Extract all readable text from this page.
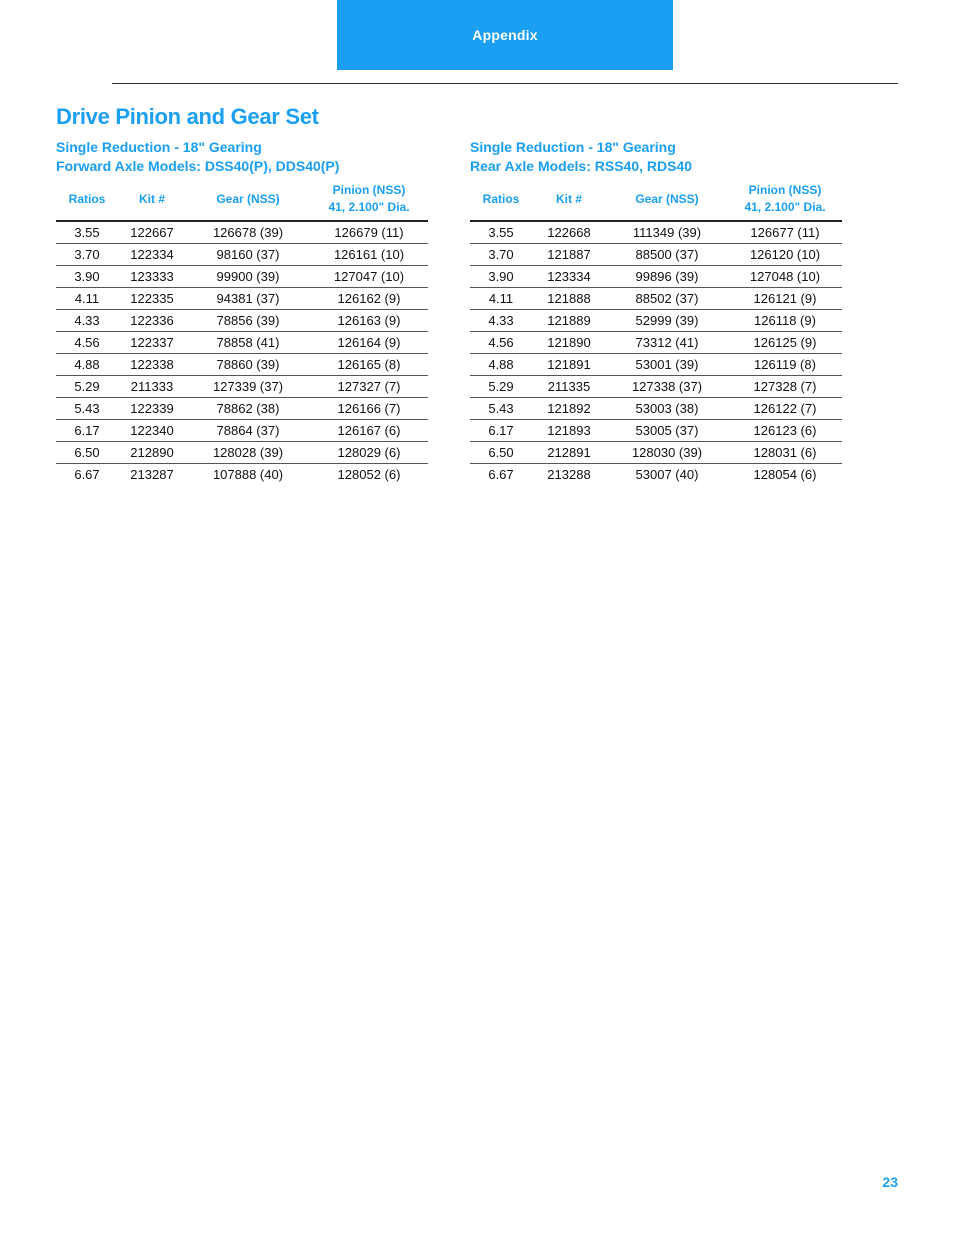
Appendix
Drive Pinion and Gear Set

Single Reduction - 18" Gearing

Forward Axle Models: DSS40(P), DDS40(P)

Ratios	Kit #	Gear (NSS)	Pinion (NSS)
41, 2.100" Dia.
3.55	122667	126678 (39)	126679 (11)
3.70	122334	98160 (37)	126161 (10)
3.90	123333	99900 (39)	127047 (10)
4.11	122335	94381 (37)	126162 (9)
4.33	122336	78856 (39)	126163 (9)
4.56	122337	78858 (41)	126164 (9)
4.88	122338	78860 (39)	126165 (8)
5.29	211333	127339 (37)	127327 (7)
5.43	122339	78862 (38)	126166 (7)
6.17	122340	78864 (37)	126167 (6)
6.50	212890	128028 (39)	128029 (6)
6.67	213287	107888 (40)	128052 (6)

Single Reduction - 18" Gearing

Rear Axle Models: RSS40, RDS40

Ratios	Kit #	Gear (NSS)	Pinion (NSS)
41, 2.100" Dia.
3.55	122668	111349 (39)	126677 (11)
3.70	121887	88500 (37)	126120 (10)
3.90	123334	99896 (39)	127048 (10)
4.11	121888	88502 (37)	126121 (9)
4.33	121889	52999 (39)	126118 (9)
4.56	121890	73312 (41)	126125 (9)
4.88	121891	53001 (39)	126119 (8)
5.29	211335	127338 (37)	127328 (7)
5.43	121892	53003 (38)	126122 (7)
6.17	121893	53005 (37)	126123 (6)
6.50	212891	128030 (39)	128031 (6)
6.67	213288	53007 (40)	128054 (6)
23
